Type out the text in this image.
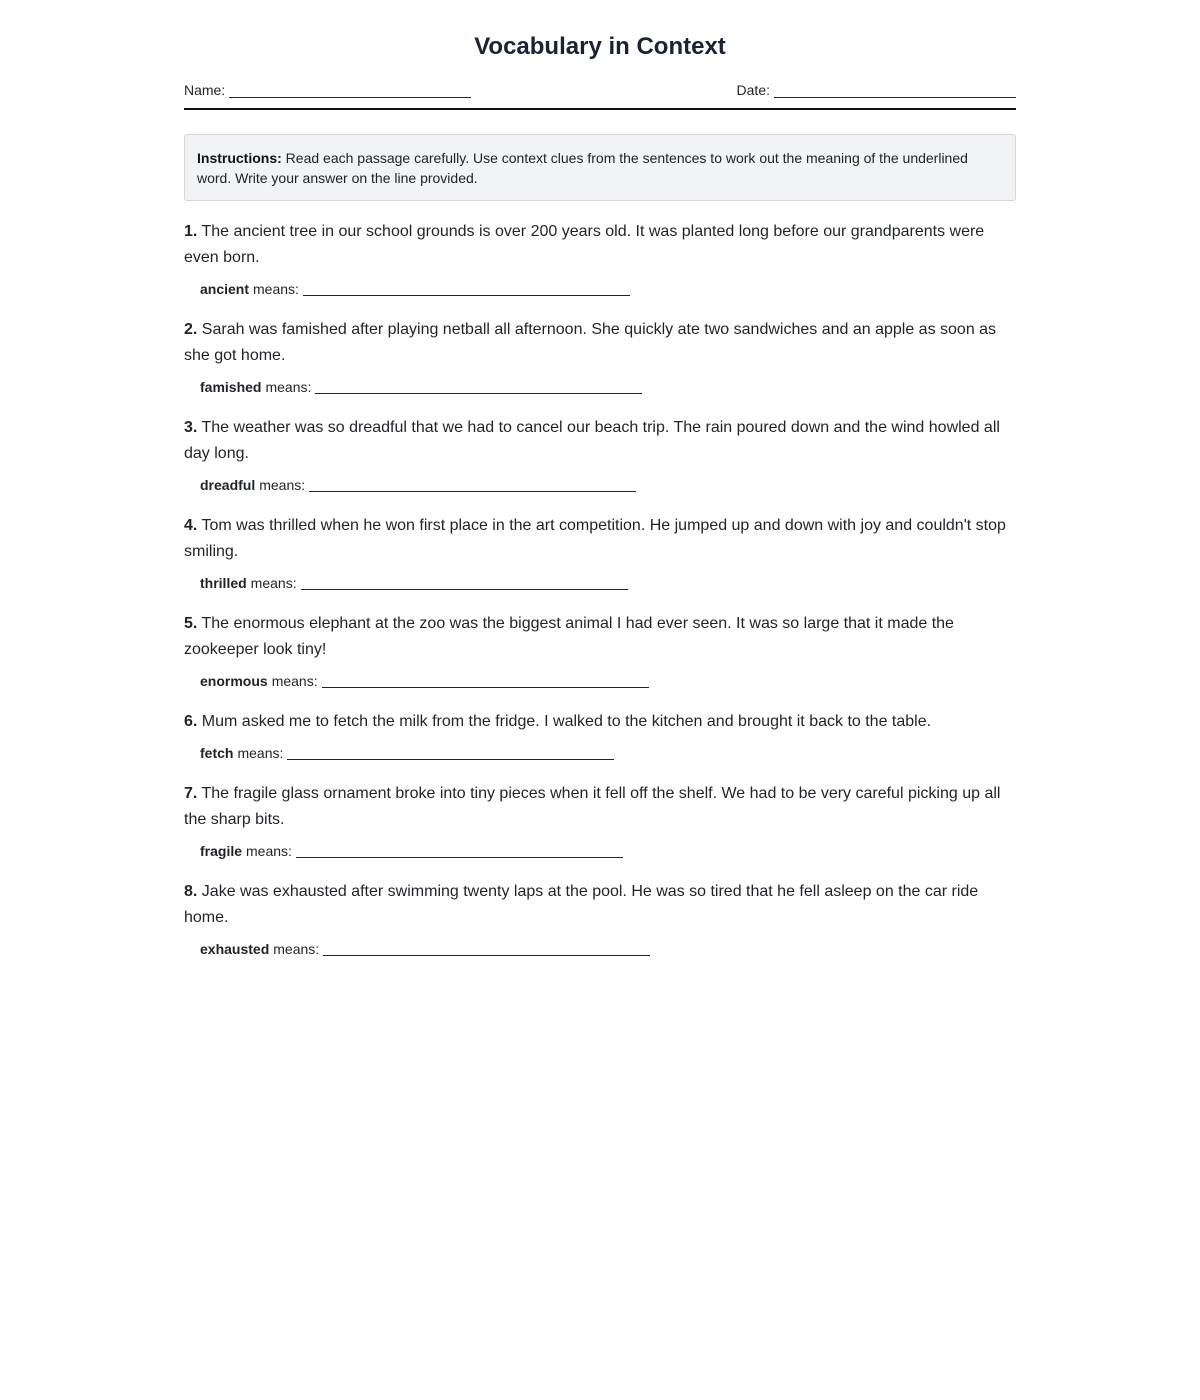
Vocabulary in Context
Name:	Date:
Instructions: Read each passage carefully. Use context clues from the sentences to work out the meaning of the underlined word. Write your answer on the line provided.
1. The ancient tree in our school grounds is over 200 years old. It was planted long before our grandparents were even born.
ancient means:
2. Sarah was famished after playing netball all afternoon. She quickly ate two sandwiches and an apple as soon as she got home.
famished means:
3. The weather was so dreadful that we had to cancel our beach trip. The rain poured down and the wind howled all day long.
dreadful means:
4. Tom was thrilled when he won first place in the art competition. He jumped up and down with joy and couldn't stop smiling.
thrilled means:
5. The enormous elephant at the zoo was the biggest animal I had ever seen. It was so large that it made the zookeeper look tiny!
enormous means:
6. Mum asked me to fetch the milk from the fridge. I walked to the kitchen and brought it back to the table.
fetch means:
7. The fragile glass ornament broke into tiny pieces when it fell off the shelf. We had to be very careful picking up all the sharp bits.
fragile means:
8. Jake was exhausted after swimming twenty laps at the pool. He was so tired that he fell asleep on the car ride home.
exhausted means:
